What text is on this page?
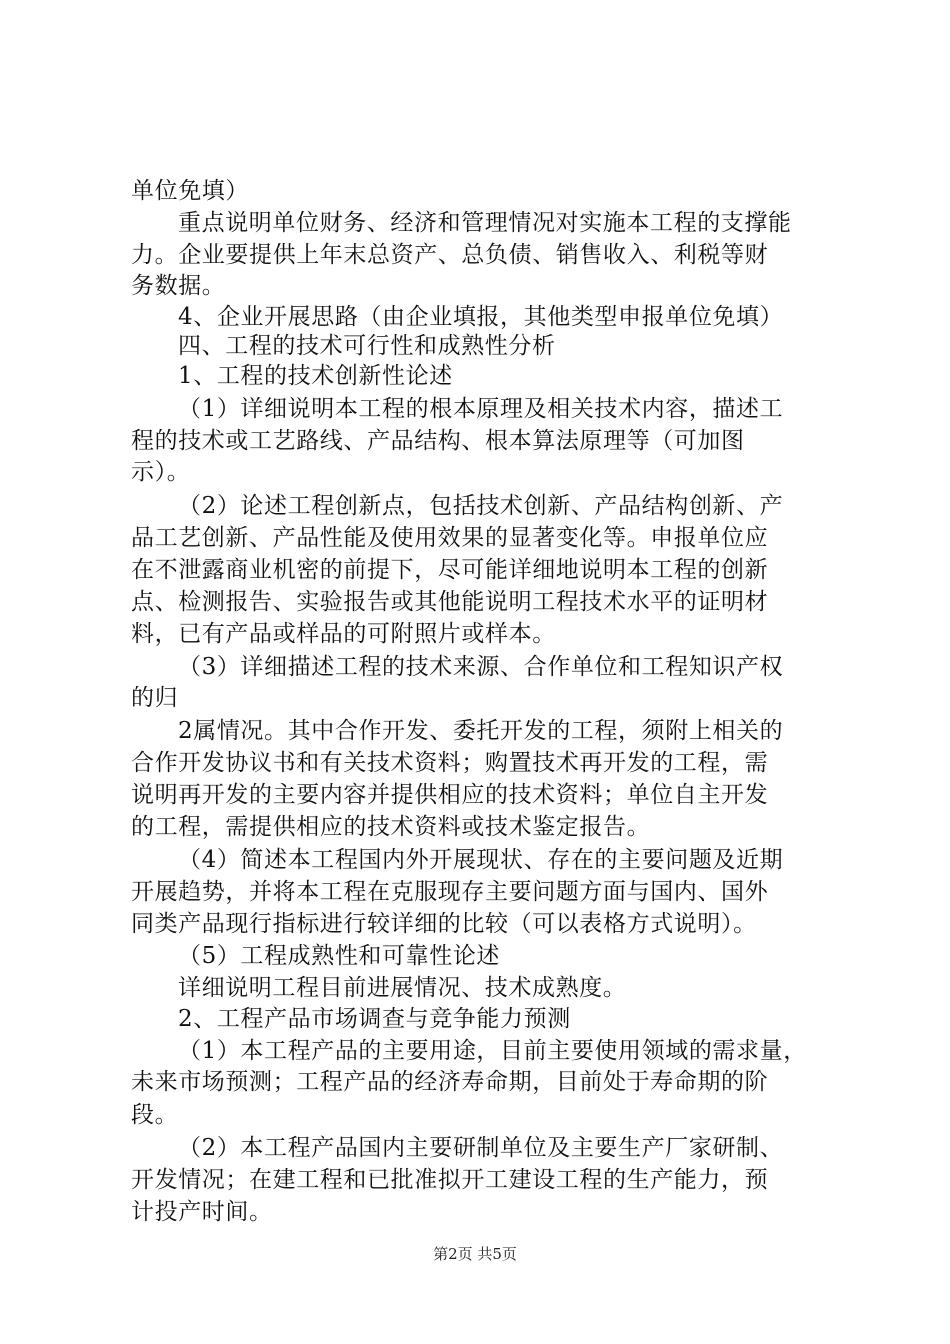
单位免填）
重点说明单位财务、经济和管理情况对实施本工程的支撑能
力。企业要提供上年末总资产、总负债、销售收入、利税等财
务数据。
4、企业开展思路（由企业填报，其他类型申报单位免填）
四、工程的技术可行性和成熟性分析
1、工程的技术创新性论述
（1）详细说明本工程的根本原理及相关技术内容，描述工
程的技术或工艺路线、产品结构、根本算法原理等（可加图
示）。
（2）论述工程创新点，包括技术创新、产品结构创新、产
品工艺创新、产品性能及使用效果的显著变化等。申报单位应
在不泄露商业机密的前提下，尽可能详细地说明本工程的创新
点、检测报告、实验报告或其他能说明工程技术水平的证明材
料，已有产品或样品的可附照片或样本。
（3）详细描述工程的技术来源、合作单位和工程知识产权
的归
2属情况。其中合作开发、委托开发的工程，须附上相关的
合作开发协议书和有关技术资料；购置技术再开发的工程，需
说明再开发的主要内容并提供相应的技术资料；单位自主开发
的工程，需提供相应的技术资料或技术鉴定报告。
（4）简述本工程国内外开展现状、存在的主要问题及近期
开展趋势，并将本工程在克服现存主要问题方面与国内、国外
同类产品现行指标进行较详细的比较（可以表格方式说明）。
（5）工程成熟性和可靠性论述
详细说明工程目前进展情况、技术成熟度。
2、工程产品市场调查与竞争能力预测
（1）本工程产品的主要用途，目前主要使用领域的需求量，
未来市场预测；工程产品的经济寿命期，目前处于寿命期的阶
段。
（2）本工程产品国内主要研制单位及主要生产厂家研制、
开发情况；在建工程和已批准拟开工建设工程的生产能力，预
计投产时间。
第2页 共5页
